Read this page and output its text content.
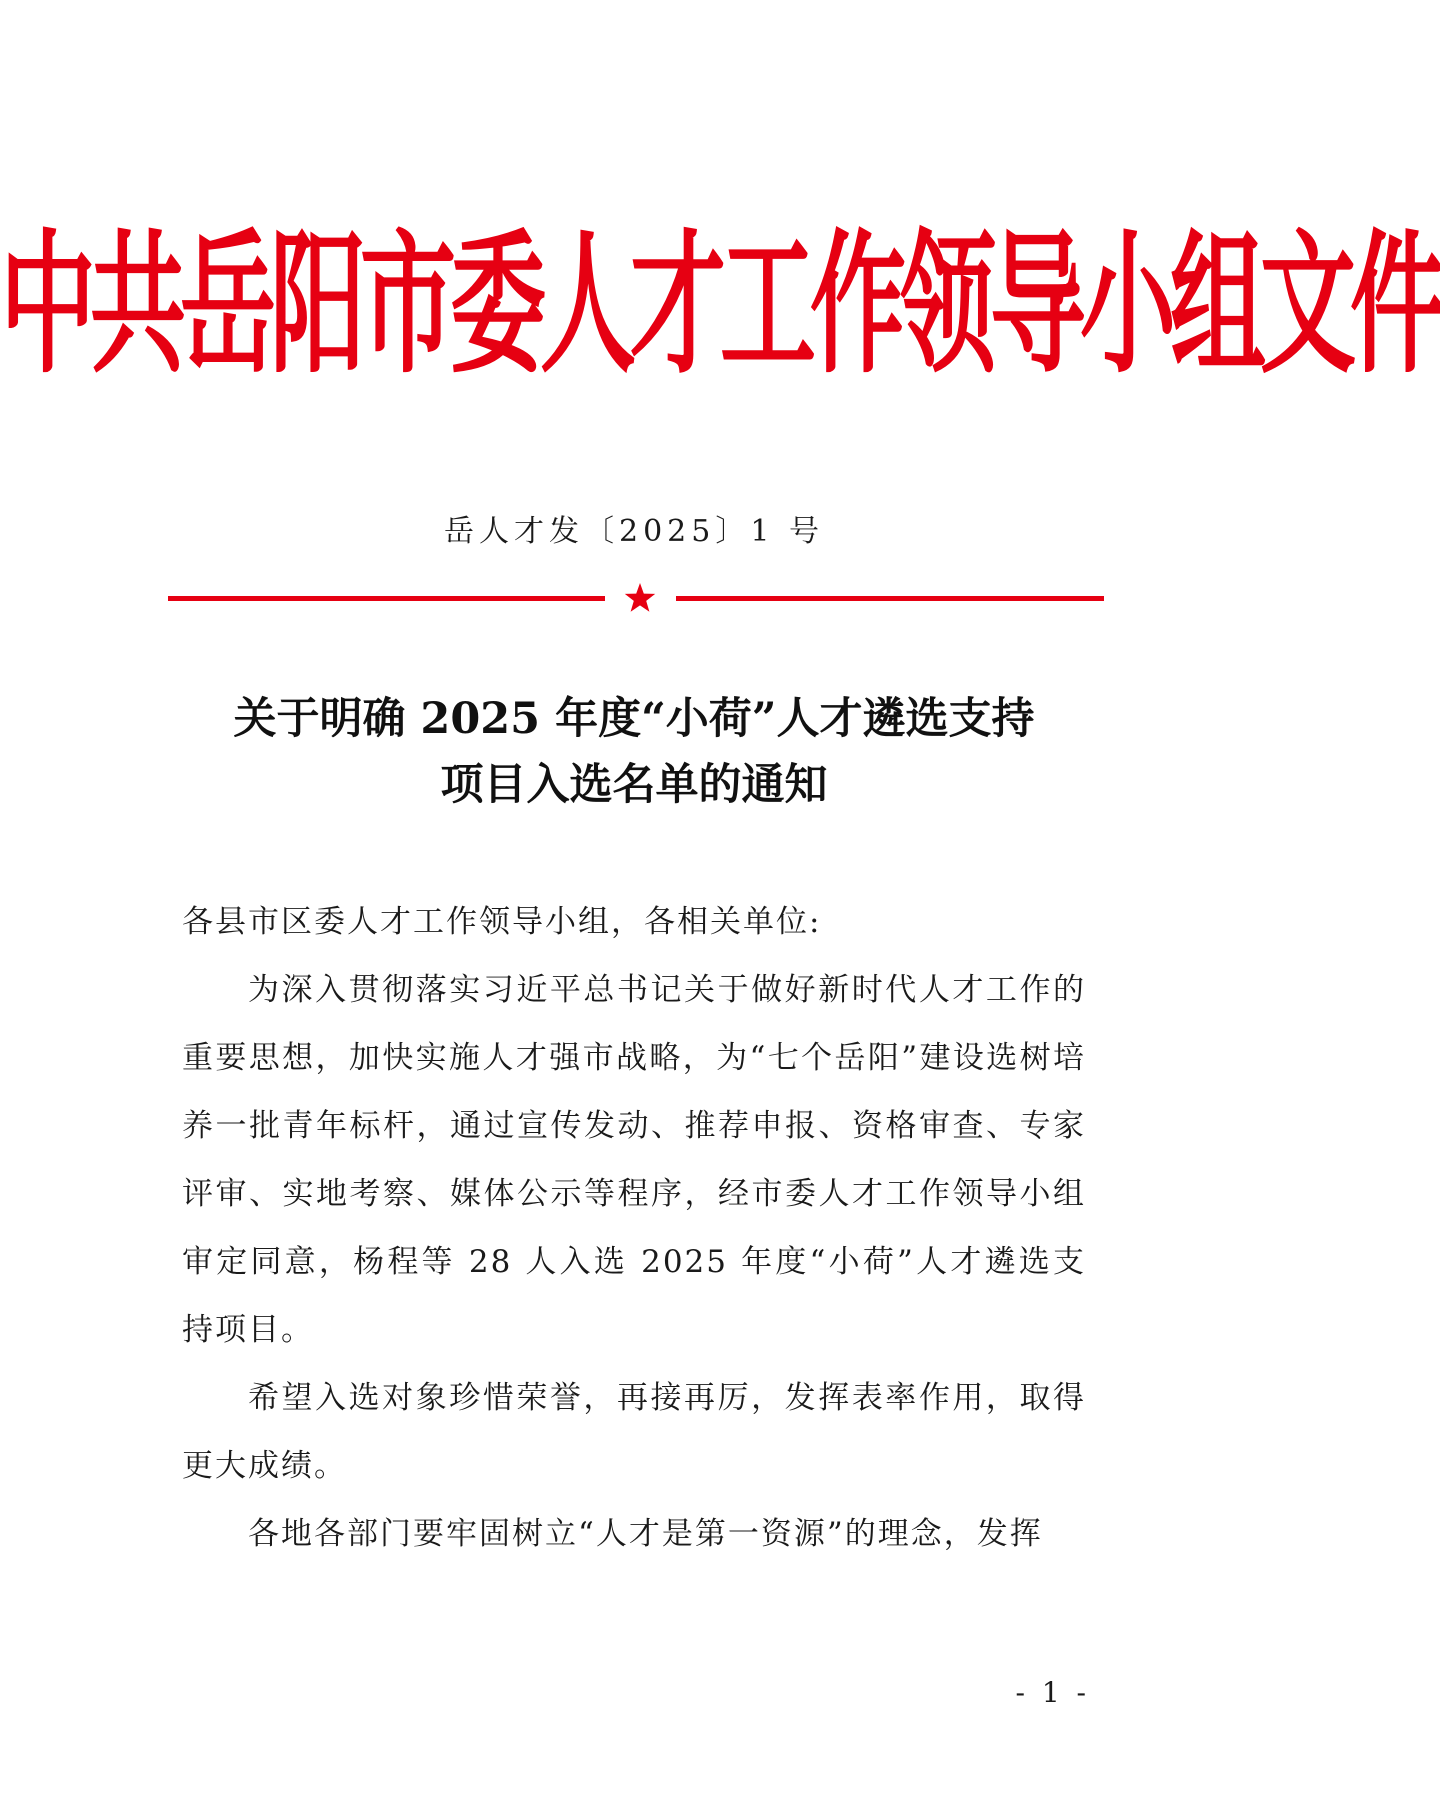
中共岳阳市委人才工作领导小组文件
岳人才发〔2025〕1 号
关于明确 2025 年度“小荷”人才遴选支持
项目入选名单的通知

各县市区委人才工作领导小组，各相关单位:

为深入贯彻落实习近平总书记关于做好新时代人才工作的重要思想，加快实施人才强市战略，为“七个岳阳”建设选树培养一批青年标杆，通过宣传发动、推荐申报、资格审查、专家评审、实地考察、媒体公示等程序，经市委人才工作领导小组审定同意，杨程等 28 人入选 2025 年度“小荷”人才遴选支持项目。

希望入选对象珍惜荣誉，再接再厉，发挥表率作用，取得更大成绩。

各地各部门要牢固树立“人才是第一资源”的理念，发挥

- 1 -
